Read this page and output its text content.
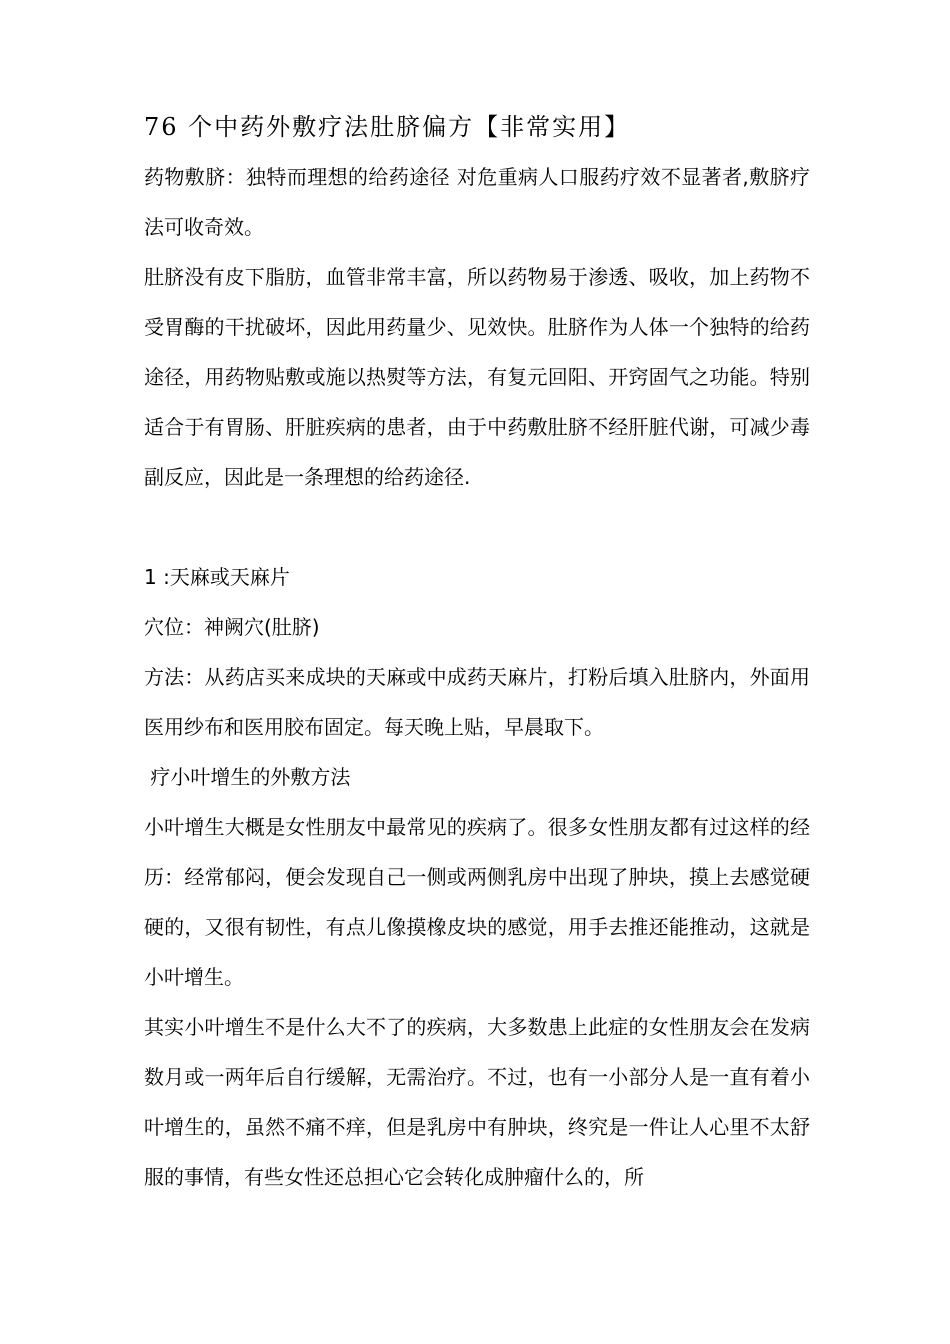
76 个中药外敷疗法肚脐偏方【非常实用】

药物敷脐：独特而理想的给药途径 对危重病人口服药疗效不显著者,敷脐疗法可收奇效。

肚脐没有皮下脂肪，血管非常丰富，所以药物易于渗透、吸收，加上药物不受胃酶的干扰破坏，因此用药量少、见效快。肚脐作为人体一个独特的给药途径，用药物贴敷或施以热熨等方法，有复元回阳、开窍固气之功能。特别适合于有胃肠、肝脏疾病的患者，由于中药敷肚脐不经肝脏代谢，可减少毒副反应，因此是一条理想的给药途径.

1 :天麻或天麻片

穴位：神阙穴(肚脐)

方法：从药店买来成块的天麻或中成药天麻片，打粉后填入肚脐内，外面用医用纱布和医用胶布固定。每天晚上贴，早晨取下。

疗小叶增生的外敷方法

小叶增生大概是女性朋友中最常见的疾病了。很多女性朋友都有过这样的经历：经常郁闷，便会发现自己一侧或两侧乳房中出现了肿块，摸上去感觉硬硬的，又很有韧性，有点儿像摸橡皮块的感觉，用手去推还能推动，这就是小叶增生。

其实小叶增生不是什么大不了的疾病，大多数患上此症的女性朋友会在发病数月或一两年后自行缓解，无需治疗。不过，也有一小部分人是一直有着小叶增生的，虽然不痛不痒，但是乳房中有肿块，终究是一件让人心里不太舒服的事情，有些女性还总担心它会转化成肿瘤什么的，所
